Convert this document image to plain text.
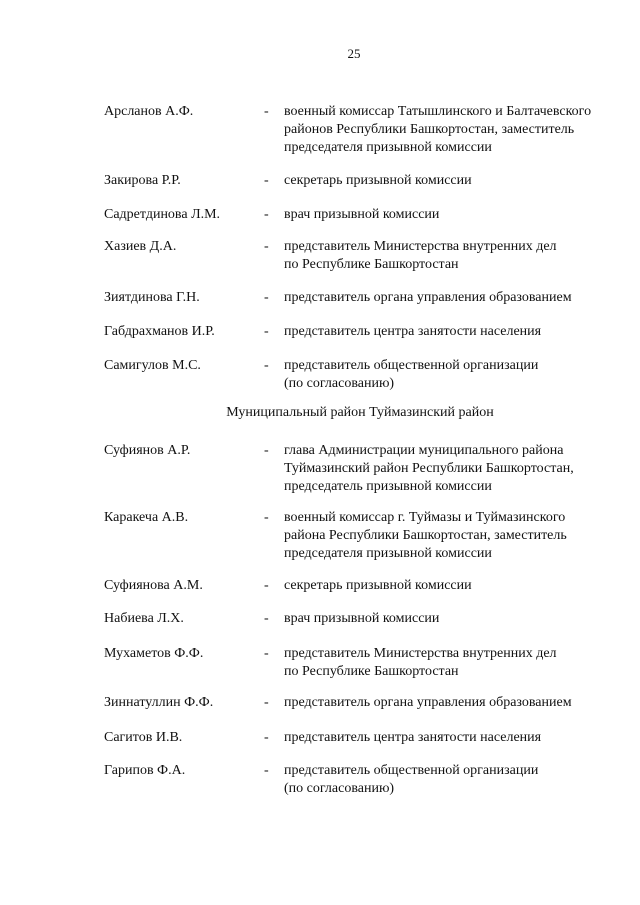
25
Арсланов А.Ф.	- военный комиссар Татышлинского и Балтачевского
районов Республики Башкортостан, заместитель
председателя призывной комиссии
Закирова Р.Р.	- секретарь призывной комиссии
Садретдинова Л.М.	- врач призывной комиссии
Хазиев Д.А.	- представитель Министерства внутренних дел
по Республике Башкортостан
Зиятдинова Г.Н.	- представитель органа управления образованием
Габдрахманов И.Р.	- представитель центра занятости населения
Самигулов М.С.	- представитель общественной организации
(по согласованию)
Муниципальный район Туймазинский район
Суфиянов А.Р.	- глава Администрации муниципального района
Туймазинский район Республики Башкортостан,
председатель призывной комиссии
Каракеча А.В.	- военный комиссар г. Туймазы и Туймазинского
района Республики Башкортостан, заместитель
председателя призывной комиссии
Суфиянова А.М.	- секретарь призывной комиссии
Набиева Л.Х.	- врач призывной комиссии
Мухаметов Ф.Ф.	- представитель Министерства внутренних дел
по Республике Башкортостан
Зиннатуллин Ф.Ф.	- представитель органа управления образованием
Сагитов И.В.	- представитель центра занятости населения
Гарипов Ф.А.	- представитель общественной организации
(по согласованию)
